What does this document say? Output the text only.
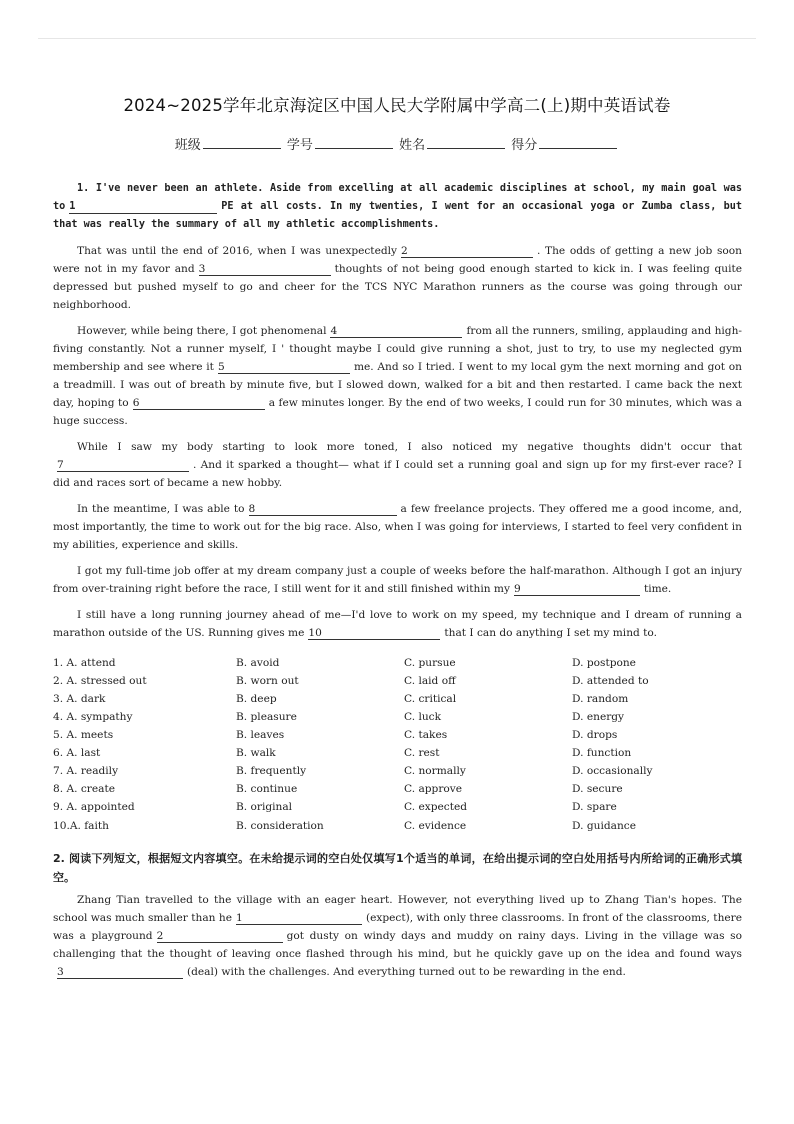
2024~2025学年北京海淀区中国人民大学附属中学高二(上)期中英语试卷
班级	学号	姓名	得分

1. I've never been an athlete. Aside from excelling at all academic disciplines at school, my main goal was to 1	PE at all costs. In my twenties, I went for an occasional yoga or Zumba class, but that was really the summary of all my athletic accomplishments.

That was until the end of 2016, when I was unexpectedly 2	. The odds of getting a new job soon were not in my favor and 3	thoughts of not being good enough started to kick in. I was feeling quite depressed but pushed myself to go and cheer for the TCS NYC Marathon runners as the course was going through our neighborhood.

However, while being there, I got phenomenal 4	from all the runners, smiling, applauding and high-fiving constantly. Not a runner myself, I ' thought maybe I could give running a shot, just to try, to use my neglected gym membership and see where it 5	me. And so I tried. I went to my local gym the next morning and got on a treadmill. I was out of breath by minute five, but I slowed down, walked for a bit and then restarted. I came back the next day, hoping to 6	a few minutes longer. By the end of two weeks, I could run for 30 minutes, which was a huge success.

While I saw my body starting to look more toned, I also noticed my negative thoughts didn't occur that7	. And it sparked a thought— what if I could set a running goal and sign up for my first-ever race? I did and races sort of became a new hobby.

In the meantime, I was able to 8	a few freelance projects. They offered me a good income, and, most importantly, the time to work out for the big race. Also, when I was going for interviews, I started to feel very confident in my abilities, experience and skills.

I got my full-time job offer at my dream company just a couple of weeks before the half-marathon. Although I got an injury from over-training right before the race, I still went for it and still finished within my 9	time.

I still have a long running journey ahead of me—I'd love to work on my speed, my technique and I dream of running a marathon outside of the US. Running gives me 10	that I can do anything I set my mind to.

1. A. attend	B. avoid	C. pursue	D. postpone
2. A. stressed out	B. worn out	C. laid off	D. attended to
3. A. dark	B. deep	C. critical	D. random
4. A. sympathy	B. pleasure	C. luck	D. energy
5. A. meets	B. leaves	C. takes	D. drops
6. A. last	B. walk	C. rest	D. function
7. A. readily	B. frequently	C. normally	D. occasionally
8. A. create	B. continue	C. approve	D. secure
9. A. appointed	B. original	C. expected	D. spare
10.A. faith	B. consideration	C. evidence	D. guidance

2. 阅读下列短文，根据短文内容填空。在未给提示词的空白处仅填写1个适当的单词，在给出提示词的空白处用括号内所给词的正确形式填空。

Zhang Tian travelled to the village with an eager heart. However, not everything lived up to Zhang Tian's hopes. The school was much smaller than he 1	(expect), with only three classrooms. In front of the classrooms, there was a playground 2	got dusty on windy days and muddy on rainy days. Living in the village was so challenging that the thought of leaving once flashed through his mind, but he quickly gave up on the idea and found ways3	(deal) with the challenges. And everything turned out to be rewarding in the end.
